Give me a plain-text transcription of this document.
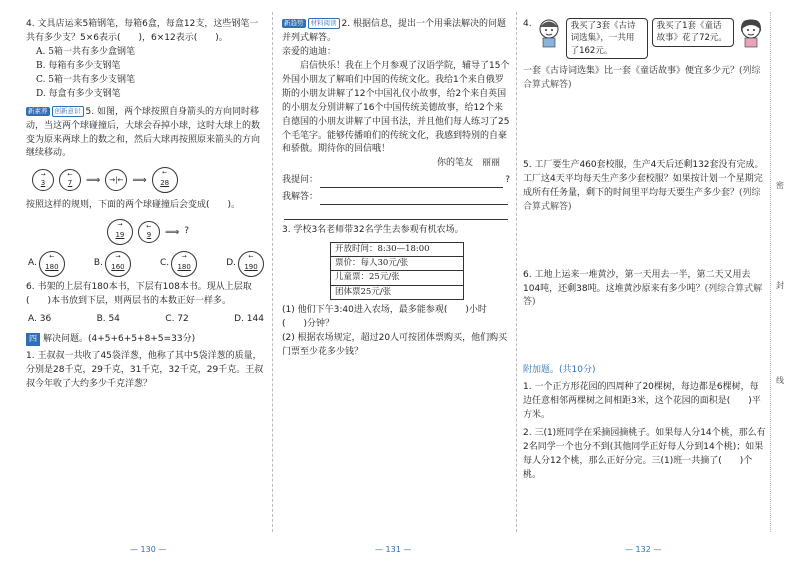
4. 文具店运来5箱钢笔，每箱6盒，每盒12支，这些钢笔一共有多少支？5×6表示(　　)，6×12表示(　　)。
A. 5箱一共有多少盒钢笔
B. 每箱有多少支钢笔
C. 5箱一共有多少支钢笔
D. 每盒有多少支钢笔
新素养 创新意识 5. 如图，两个球按照自身箭头的方向同时移动，当这两个球碰撞后，大球会吞掉小球，这时大球上的数变为原来两球上的数之和，然后大球再按照原来箭头的方向继续移动。
→
3
←
7 ⟹ →|← ⟹
←
28
按照这样的规则，下面的两个球碰撞后会变成(　　)。
→
19
←
9 ⟹ ?
A.
←
180	B.
→
160	C.
→
180	D.
←
190
6. 书架的上层有180本书，下层有108本书。现从上层取(　　)本书放到下层，则两层书的本数正好一样多。
A. 36	B. 54	C. 72	D. 144
四 解决问题。(4+5+6+5+8+5=33分)
1. 王叔叔一共收了45袋洋葱，他称了其中5袋洋葱的质量，分别是28千克，29千克，31千克，32千克，29千克。王叔叔今年收了大约多少千克洋葱？
新趋势 材料阅读 2. 根据信息，提出一个用乘法解决的问题并列式解答。
亲爱的迪迪：

启信快乐！我在上个月参观了汉语学院，辅导了15个外国小朋友了解咱们中国的传统文化。我给1个来自俄罗斯的小朋友讲解了12个中国礼仪小故事，给2个来自英国的小朋友分别讲解了16个中国传统美德故事，给12个来自德国的小朋友讲解了中国书法，并且他们每人练习了25个毛笔字。能够传播咱们的传统文化，我感到特别的自豪和骄傲。期待你的回信哦！

你的笔友　丽丽
我提问：	?
我解答：
3. 学校3名老师带32名学生去参观有机农场。
开放时间：8:30—18:00
票价：每人30元/张
儿童票：25元/张
团体票25元/张
(1) 他们下午3:40进入农场，最多能参观(　　)小时(　　)分钟？
(2) 根据农场规定，超过20人可按团体票购买，他们购买门票至少花多少钱？
4.	我买了3套《古诗词选集》，一共用了162元。
我买了1套《童话故事》花了72元。
一套《古诗词选集》比一套《童话故事》便宜多少元？(列综合算式解答)
5. 工厂要生产460套校服，生产4天后还剩132套没有完成。工厂这4天平均每天生产多少套校服？如果按计划一个星期完成所有任务量，剩下的时间里平均每天要生产多少套？(列综合算式解答)
6. 工地上运来一堆黄沙，第一天用去一半，第二天又用去104吨，还剩38吨。这堆黄沙原来有多少吨？(列综合算式解答)
附加题。(共10分)
1. 一个正方形花园的四周种了20棵树，每边都是6棵树，每边任意相邻两棵树之间相距3米，这个花园的面积是(　　)平方米。
2. 三(1)班同学在采摘园摘桃子。如果每人分14个桃，那么有2名同学一个也分不到(其他同学正好每人分到14个桃)；如果每人分12个桃，那么正好分完。三(1)班一共摘了(　　)个桃。
密
封
线
— 130 —	— 131 —	— 132 —
